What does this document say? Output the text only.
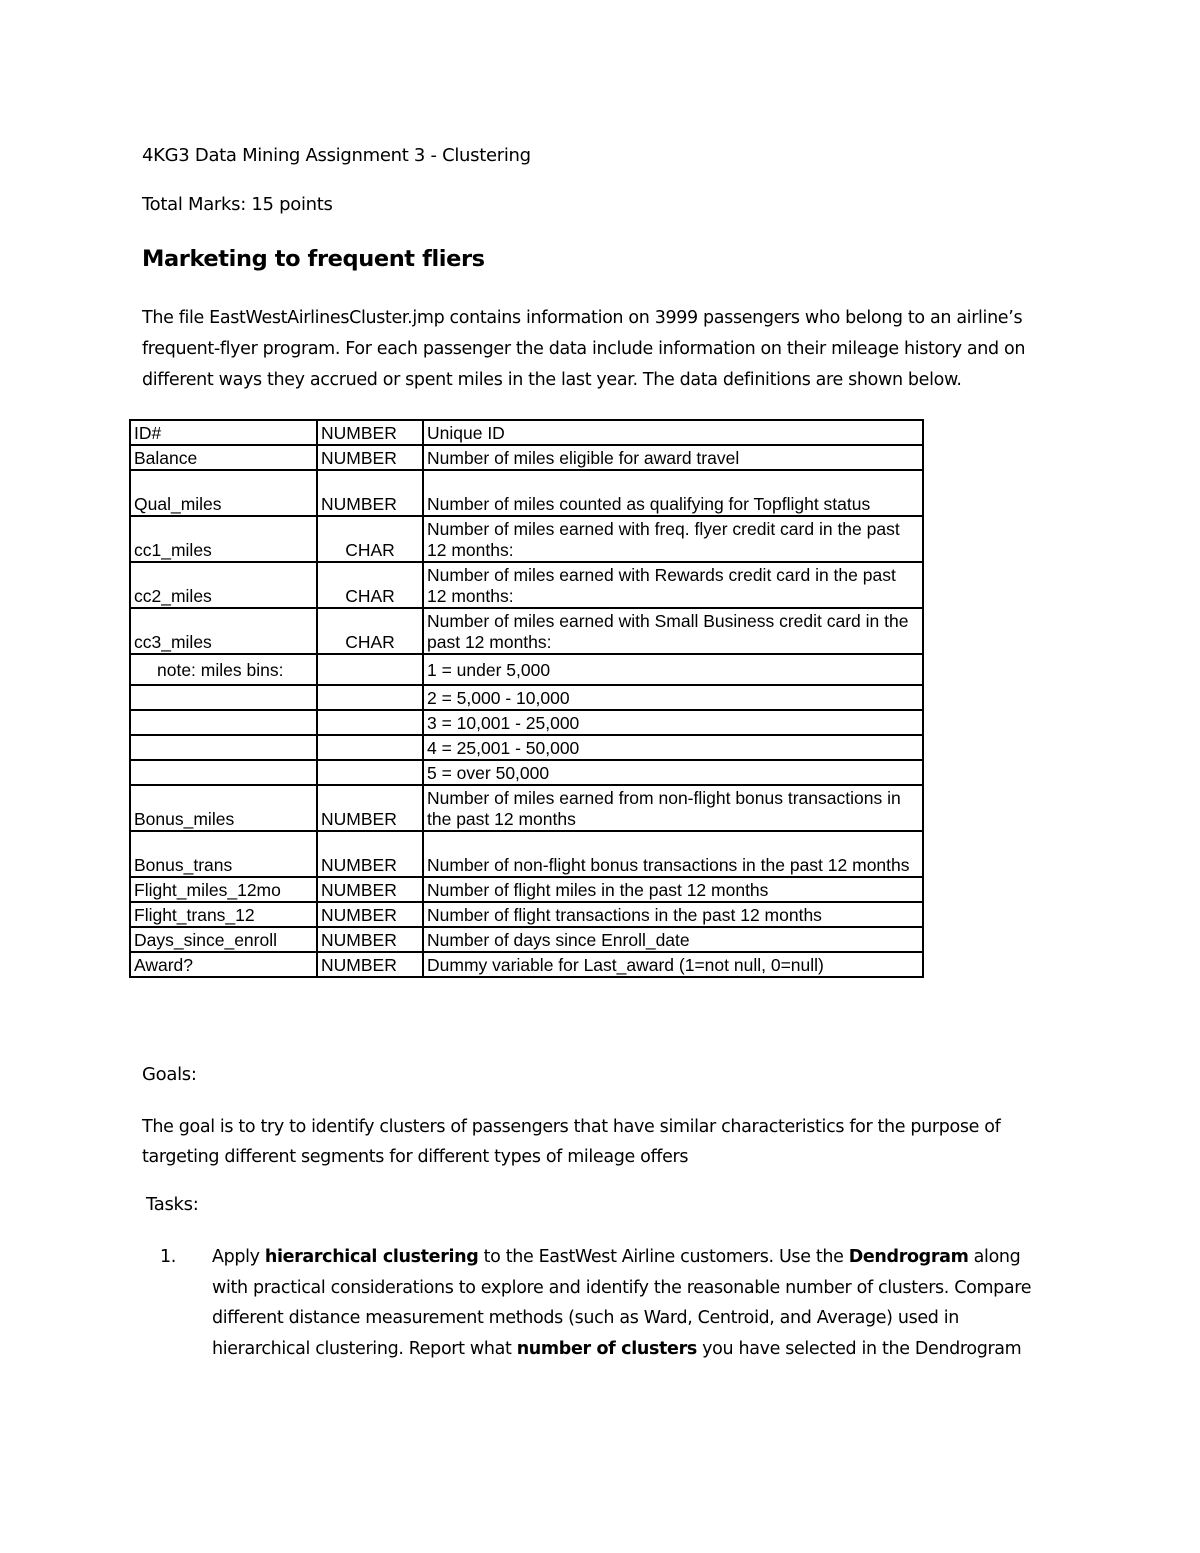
4KG3 Data Mining Assignment 3 - Clustering
Total Marks: 15 points
Marketing to frequent fliers
The file EastWestAirlinesCluster.jmp contains information on 3999 passengers who belong to an airline’s frequent-flyer program. For each passenger the data include information on their mileage history and on different ways they accrued or spent miles in the last year. The data definitions are shown below.
ID#	NUMBER	Unique ID
Balance	NUMBER	Number of miles eligible for award travel
Qual_miles	NUMBER	Number of miles counted as qualifying for Topflight status
cc1_miles	CHAR	Number of miles earned with freq. flyer credit card in the past 12 months:
cc2_miles	CHAR	Number of miles earned with Rewards credit card in the past 12 months:
cc3_miles	CHAR	Number of miles earned with Small Business credit card in the past 12 months:
note: miles bins:		1 = under 5,000
		2 = 5,000 - 10,000
		3 = 10,001 - 25,000
		4 = 25,001 - 50,000
		5 = over 50,000
Bonus_miles	NUMBER	Number of miles earned from non-flight bonus transactions in the past 12 months
Bonus_trans	NUMBER	Number of non-flight bonus transactions in the past 12 months
Flight_miles_12mo	NUMBER	Number of flight miles in the past 12 months
Flight_trans_12	NUMBER	Number of flight transactions in the past 12 months
Days_since_enroll	NUMBER	Number of days since Enroll_date
Award?	NUMBER	Dummy variable for Last_award (1=not null, 0=null)
Goals:
The goal is to try to identify clusters of passengers that have similar characteristics for the purpose of targeting different segments for different types of mileage offers
Tasks:
1. Apply hierarchical clustering to the EastWest Airline customers. Use the Dendrogram along with practical considerations to explore and identify the reasonable number of clusters. Compare different distance measurement methods (such as Ward, Centroid, and Average) used in hierarchical clustering. Report what number of clusters you have selected in the Dendrogram
